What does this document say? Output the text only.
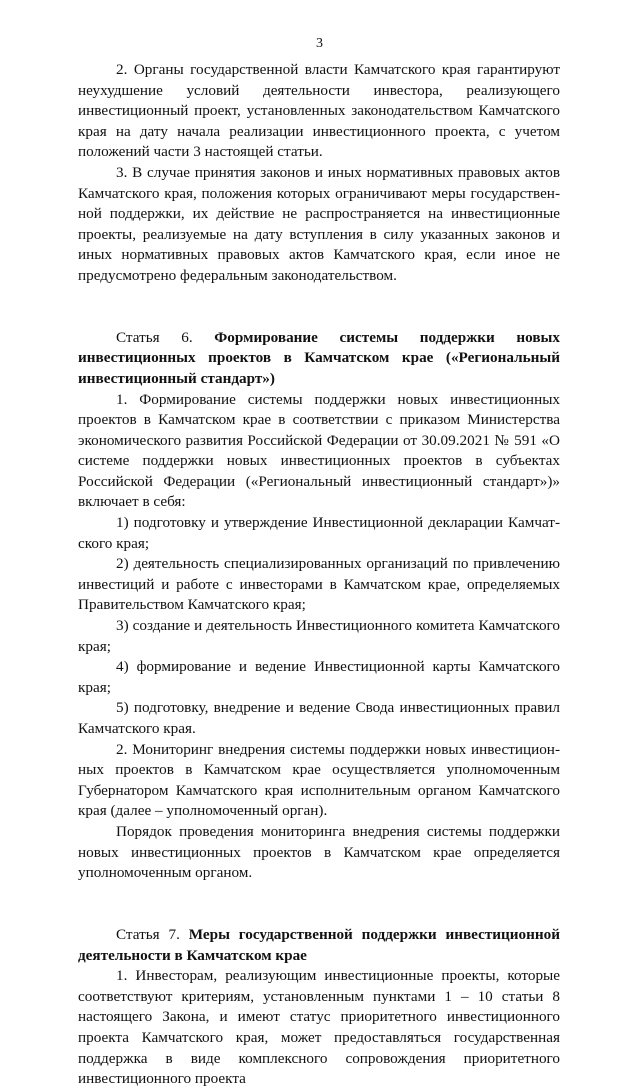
3

2. Органы государственной власти Камчатского края гарантируют неухудшение условий деятельности инвестора, реализующего инвестиционный проект, установленных законодательством Камчатского края на дату начала реализации инвестиционного проекта, с учетом положений части 3 настоящей статьи.

3. В случае принятия законов и иных нормативных правовых актов Камчатского края, положения которых ограничивают меры государственной поддержки, их действие не распространяется на инвестиционные проекты, реализуемые на дату вступления в силу указанных законов и иных нормативных правовых актов Камчатского края, если иное не предусмотрено федеральным законодательством.

Статья 6. Формирование системы поддержки новых инвестиционных проектов в Камчатском крае («Региональный инвестиционный стандарт»)

1. Формирование системы поддержки новых инвестиционных проектов в Камчатском крае в соответствии с приказом Министерства экономического развития Российской Федерации от 30.09.2021 № 591 «О системе поддержки новых инвестиционных проектов в субъектах Российской Федерации («Региональный инвестиционный стандарт»)» включает в себя:

1) подготовку и утверждение Инвестиционной декларации Камчатского края;

2) деятельность специализированных организаций по привлечению инвестиций и работе с инвесторами в Камчатском крае, определяемых Правительством Камчатского края;

3) создание и деятельность Инвестиционного комитета Камчатского края;

4) формирование и ведение Инвестиционной карты Камчатского края;

5) подготовку, внедрение и ведение Свода инвестиционных правил Камчатского края.

2. Мониторинг внедрения системы поддержки новых инвестиционных проектов в Камчатском крае осуществляется уполномоченным Губернатором Камчатского края исполнительным органом Камчатского края (далее – уполномоченный орган).

Порядок проведения мониторинга внедрения системы поддержки новых инвестиционных проектов в Камчатском крае определяется уполномоченным органом.

Статья 7. Меры государственной поддержки инвестиционной деятельности в Камчатском крае

1. Инвесторам, реализующим инвестиционные проекты, которые соответствуют критериям, установленным пунктами 1 – 10 статьи 8 настоящего Закона, и имеют статус приоритетного инвестиционного проекта Камчатского края, может предоставляться государственная поддержка в виде комплексного сопровождения приоритетного инвестиционного проекта
